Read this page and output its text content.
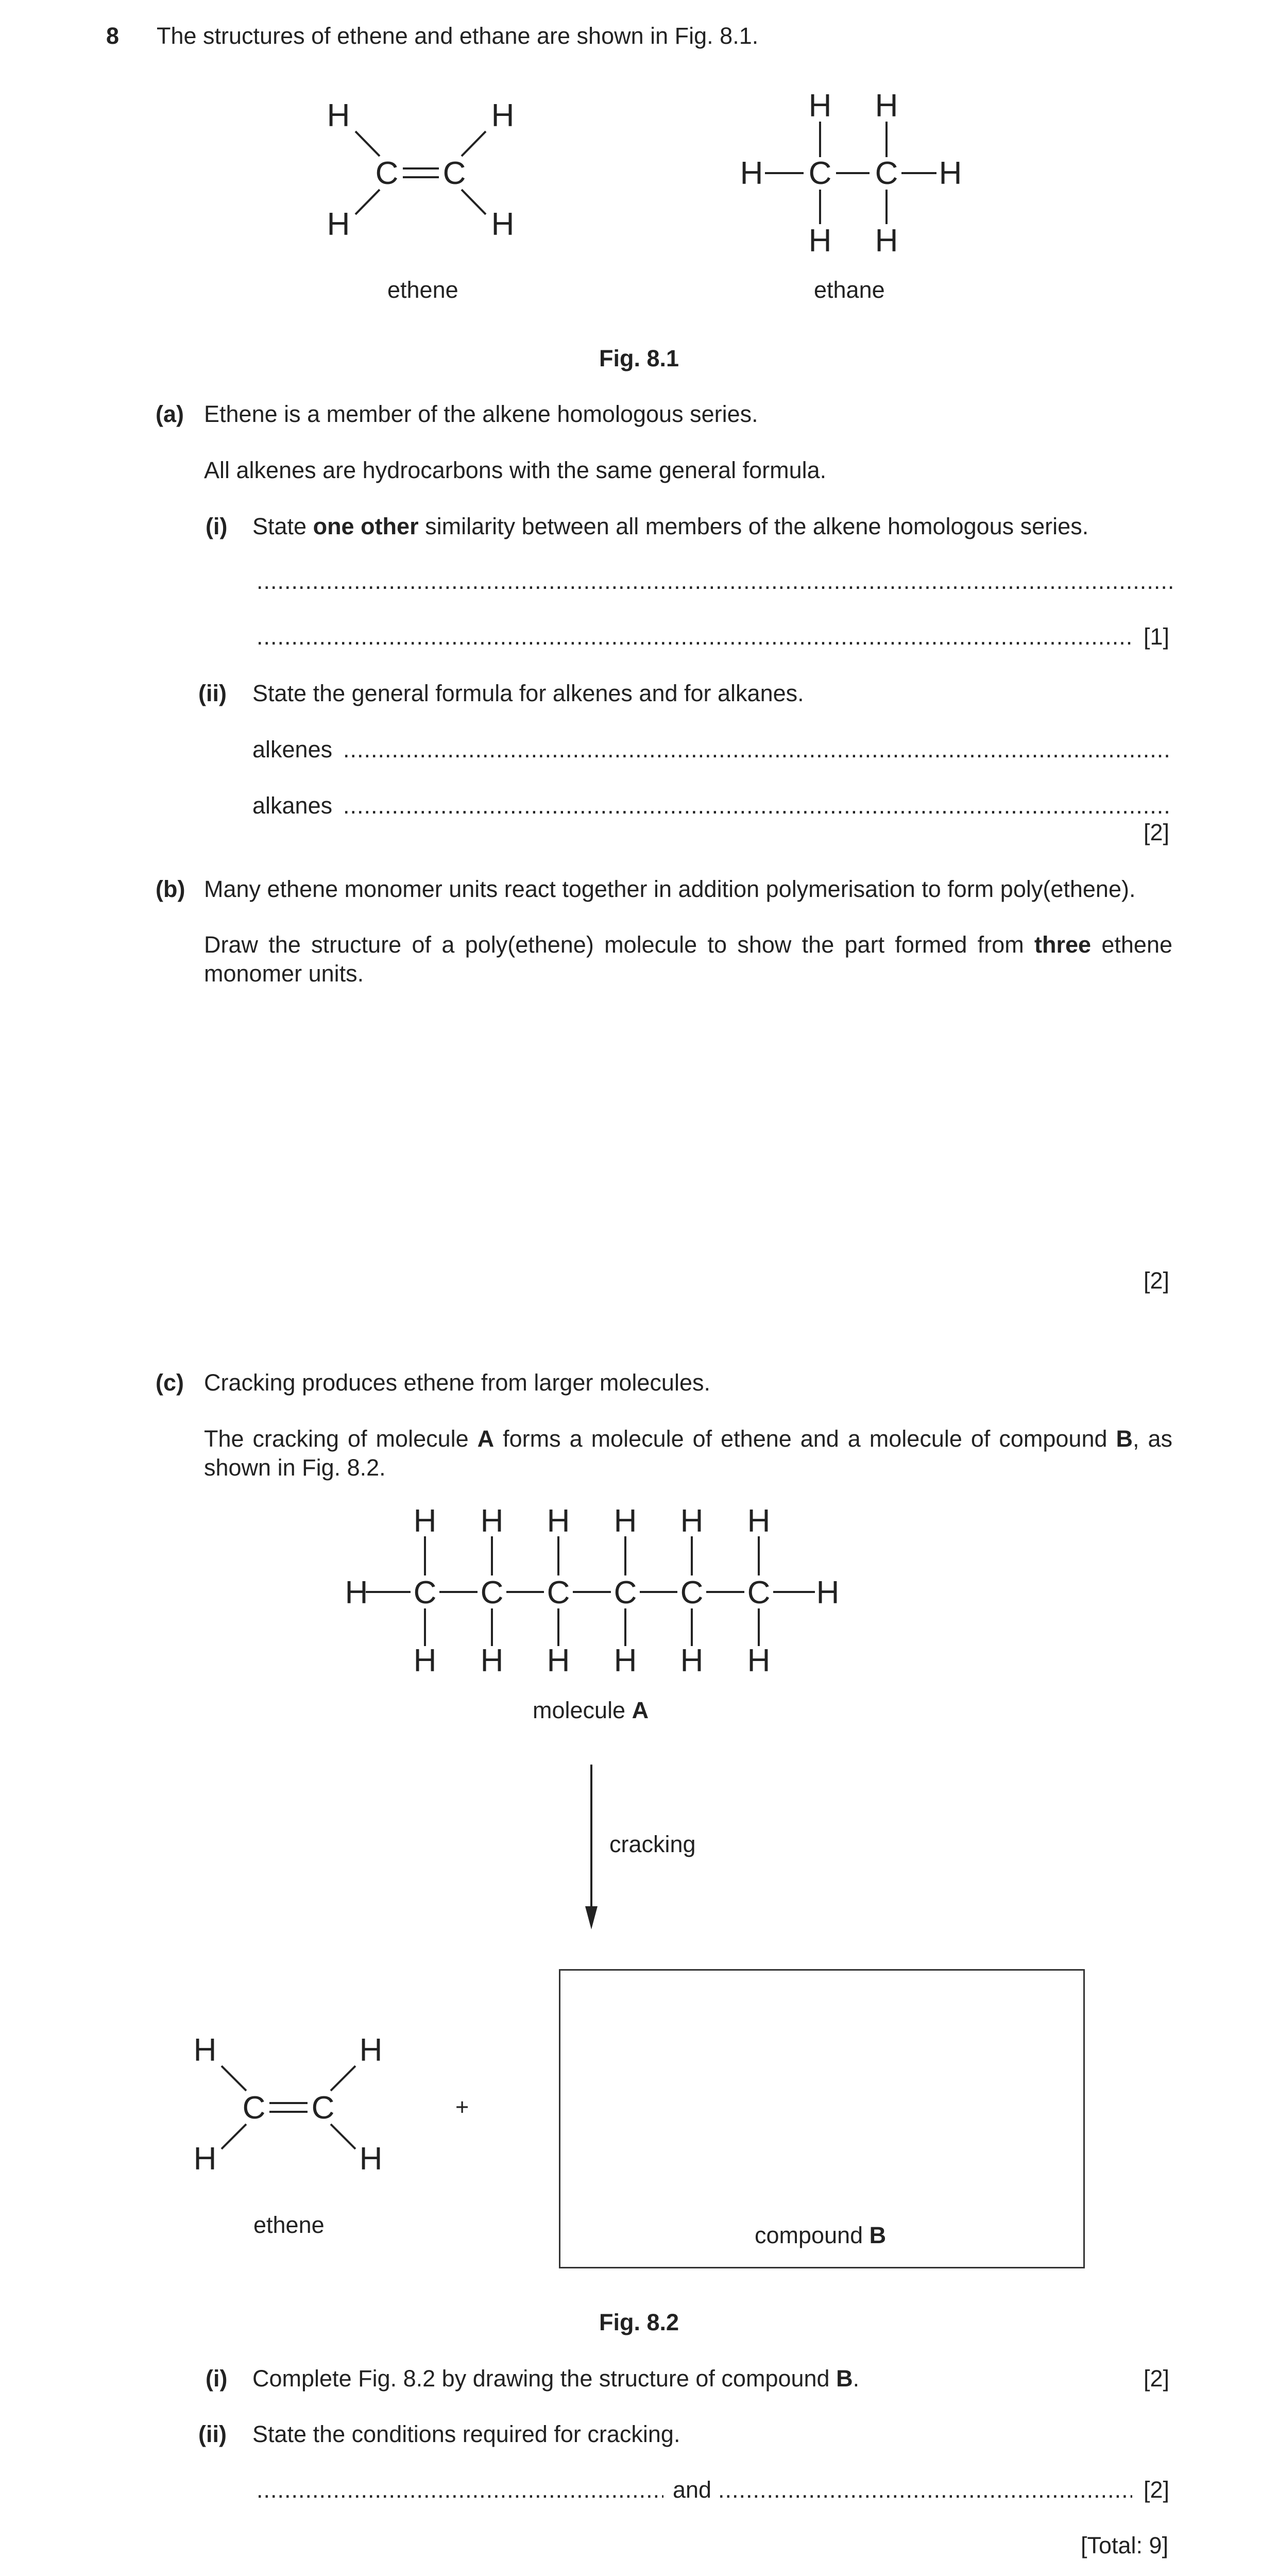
8 The structures of ethene and ethane are shown in Fig. 8.1.
H	H
C C
H	H
H H
H C C H
H H
H H H H H H
H C C C C C C H
H H H H H H
H	H
C C
H	H
ethene	ethane
Fig. 8.1
(a) Ethene is a member of the alkene homologous series.
All alkenes are hydrocarbons with the same general formula.
(i) State one other similarity between all members of the alkene homologous series.
.....
.....
[1]
(ii) State the general formula for alkenes and for alkanes.
alkenes
.....
alkanes
.....
[2]
(b) Many ethene monomer units react together in addition polymerisation to form poly(ethene).
Draw the structure of a poly(ethene) molecule to show the part formed from three ethene monomer units.
[2]
(c) Cracking produces ethene from larger molecules.
The cracking of molecule A forms a molecule of ethene and a molecule of compound B, as shown in Fig. 8.2.
molecule A
cracking
+
compound B
ethene
Fig. 8.2
(i) Complete Fig. 8.2 by drawing the structure of compound B.	[2]
(ii) State the conditions required for cracking.
.....
and
.....	[2]
[Total: 9]
